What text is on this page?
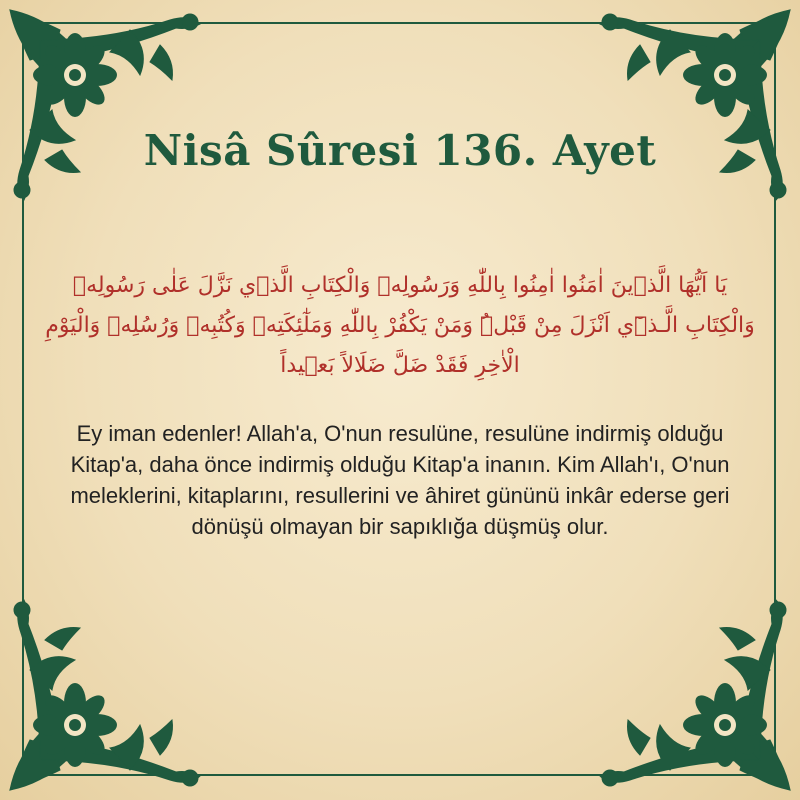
Nisâ Sûresi 136. Ayet
يَا اَيُّهَا الَّذ۪ينَ اٰمَنُوا اٰمِنُوا بِاللّٰهِ وَرَسُولِه۪ وَالْكِتَابِ الَّذ۪ي نَزَّلَ عَلٰى رَسُولِه۪ وَالْكِتَابِ الَّـذ۪ٓي اَنْزَلَ مِنْ قَبْلُۜ وَمَنْ يَكْفُرْ بِاللّٰهِ وَمَلٰٓئِكَتِه۪ وَكُتُبِه۪ وَرُسُلِه۪ وَالْيَوْمِ الْاٰخِرِ فَقَدْ ضَلَّ ضَلَالاً بَع۪يداً
Ey iman edenler! Allah'a, O'nun resulüne, resulüne indirmiş olduğu Kitap'a, daha önce indirmiş olduğu Kitap'a inanın. Kim Allah'ı, O'nun meleklerini, kitaplarını, resullerini ve âhiret gününü inkâr ederse geri dönüşü olmayan bir sapıklığa düşmüş olur.
